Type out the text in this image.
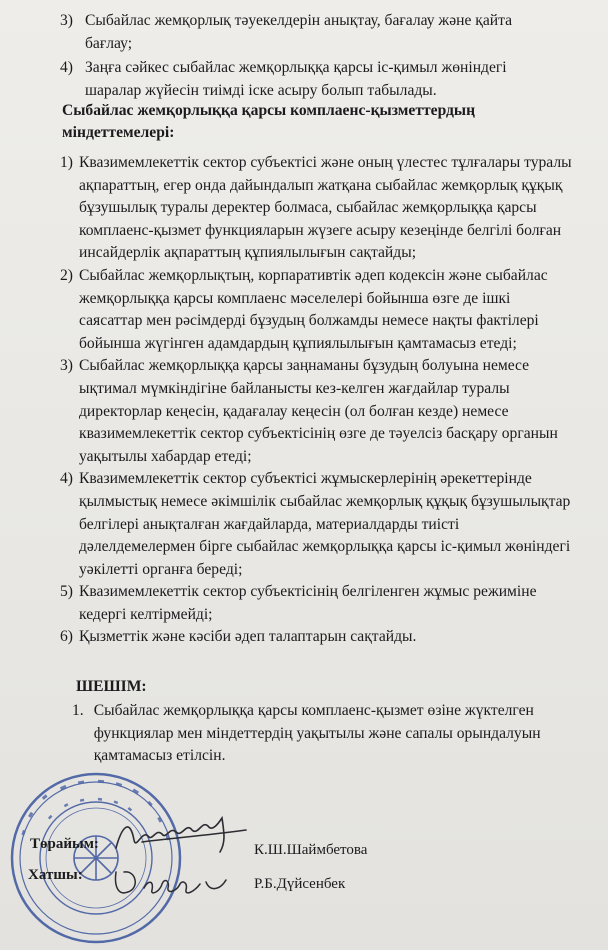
3) Сыбайлас жемқорлық тәуекелдерін анықтау, бағалау және қайта бағлау;
4) Заңға сәйкес сыбайлас жемқорлыққа қарсы іс-қимыл жөніндегі шаралар жүйесін тиімді іске асыру болып табылады.
Сыбайлас жемқорлыққа қарсы комплаенс-қызметтердың міндеттемелері:
1) Квазимемлекеттік сектор субъектісі және оның үлестес тұлғалары туралы ақпараттың, егер онда дайындалып жатқана сыбайлас жемқорлық құқық бұзушылық туралы деректер болмаса, сыбайлас жемқорлыққа қарсы комплаенс-қызмет функцияларын жүзеге асыру кезеңінде белгілі болған инсайдерлік ақпараттың құпиялылығын сақтайды;
2) Сыбайлас жемқорлықтың, корпаративтік әдеп кодексін және сыбайлас жемқорлыққа қарсы комплаенс мәселелері бойынша өзге де ішкі саясаттар мен рәсімдерді бұзудың болжамды немесе нақты фактілері бойынша жүгінген адамдардың құпиялылығын қамтамасыз етеді;
3) Сыбайлас жемқорлыққа қарсы заңнаманы бұзудың болуына немесе ықтимал мүмкіндігіне байланысты кез-келген жағдайлар туралы директорлар кеңесін, қадағалау кеңесін (ол болған кезде) немесе квазимемлекеттік сектор субъектісінің өзге де тәуелсіз басқару органын уақытылы хабардар етеді;
4) Квазимемлекеттік сектор субъектісі жұмыскерлерінің әрекеттерінде қылмыстық немесе әкімшілік сыбайлас жемқорлық құқық бұзушылықтар белгілері анықталған жағдайларда, материалдарды тиісті дәлелдемелермен бірге сыбайлас жемқорлыққа қарсы іс-қимыл жөніндегі уәкілетті органға береді;
5) Квазимемлекеттік сектор субъектісінің белгіленген жұмыс режиміне кедергі келтірмейді;
6) Қызметтік және кәсіби әдеп талаптарын сақтайды.
ШЕШІМ:
1. Сыбайлас жемқорлыққа қарсы комплаенс-қызмет өзіне жүктелген функциялар мен міндеттердің уақытылы және сапалы орындалуын қамтамасыз етілсін.
Төрайым:	К.Ш.Шаймбетова
Хатшы:
Р.Б.Дүйсенбек
